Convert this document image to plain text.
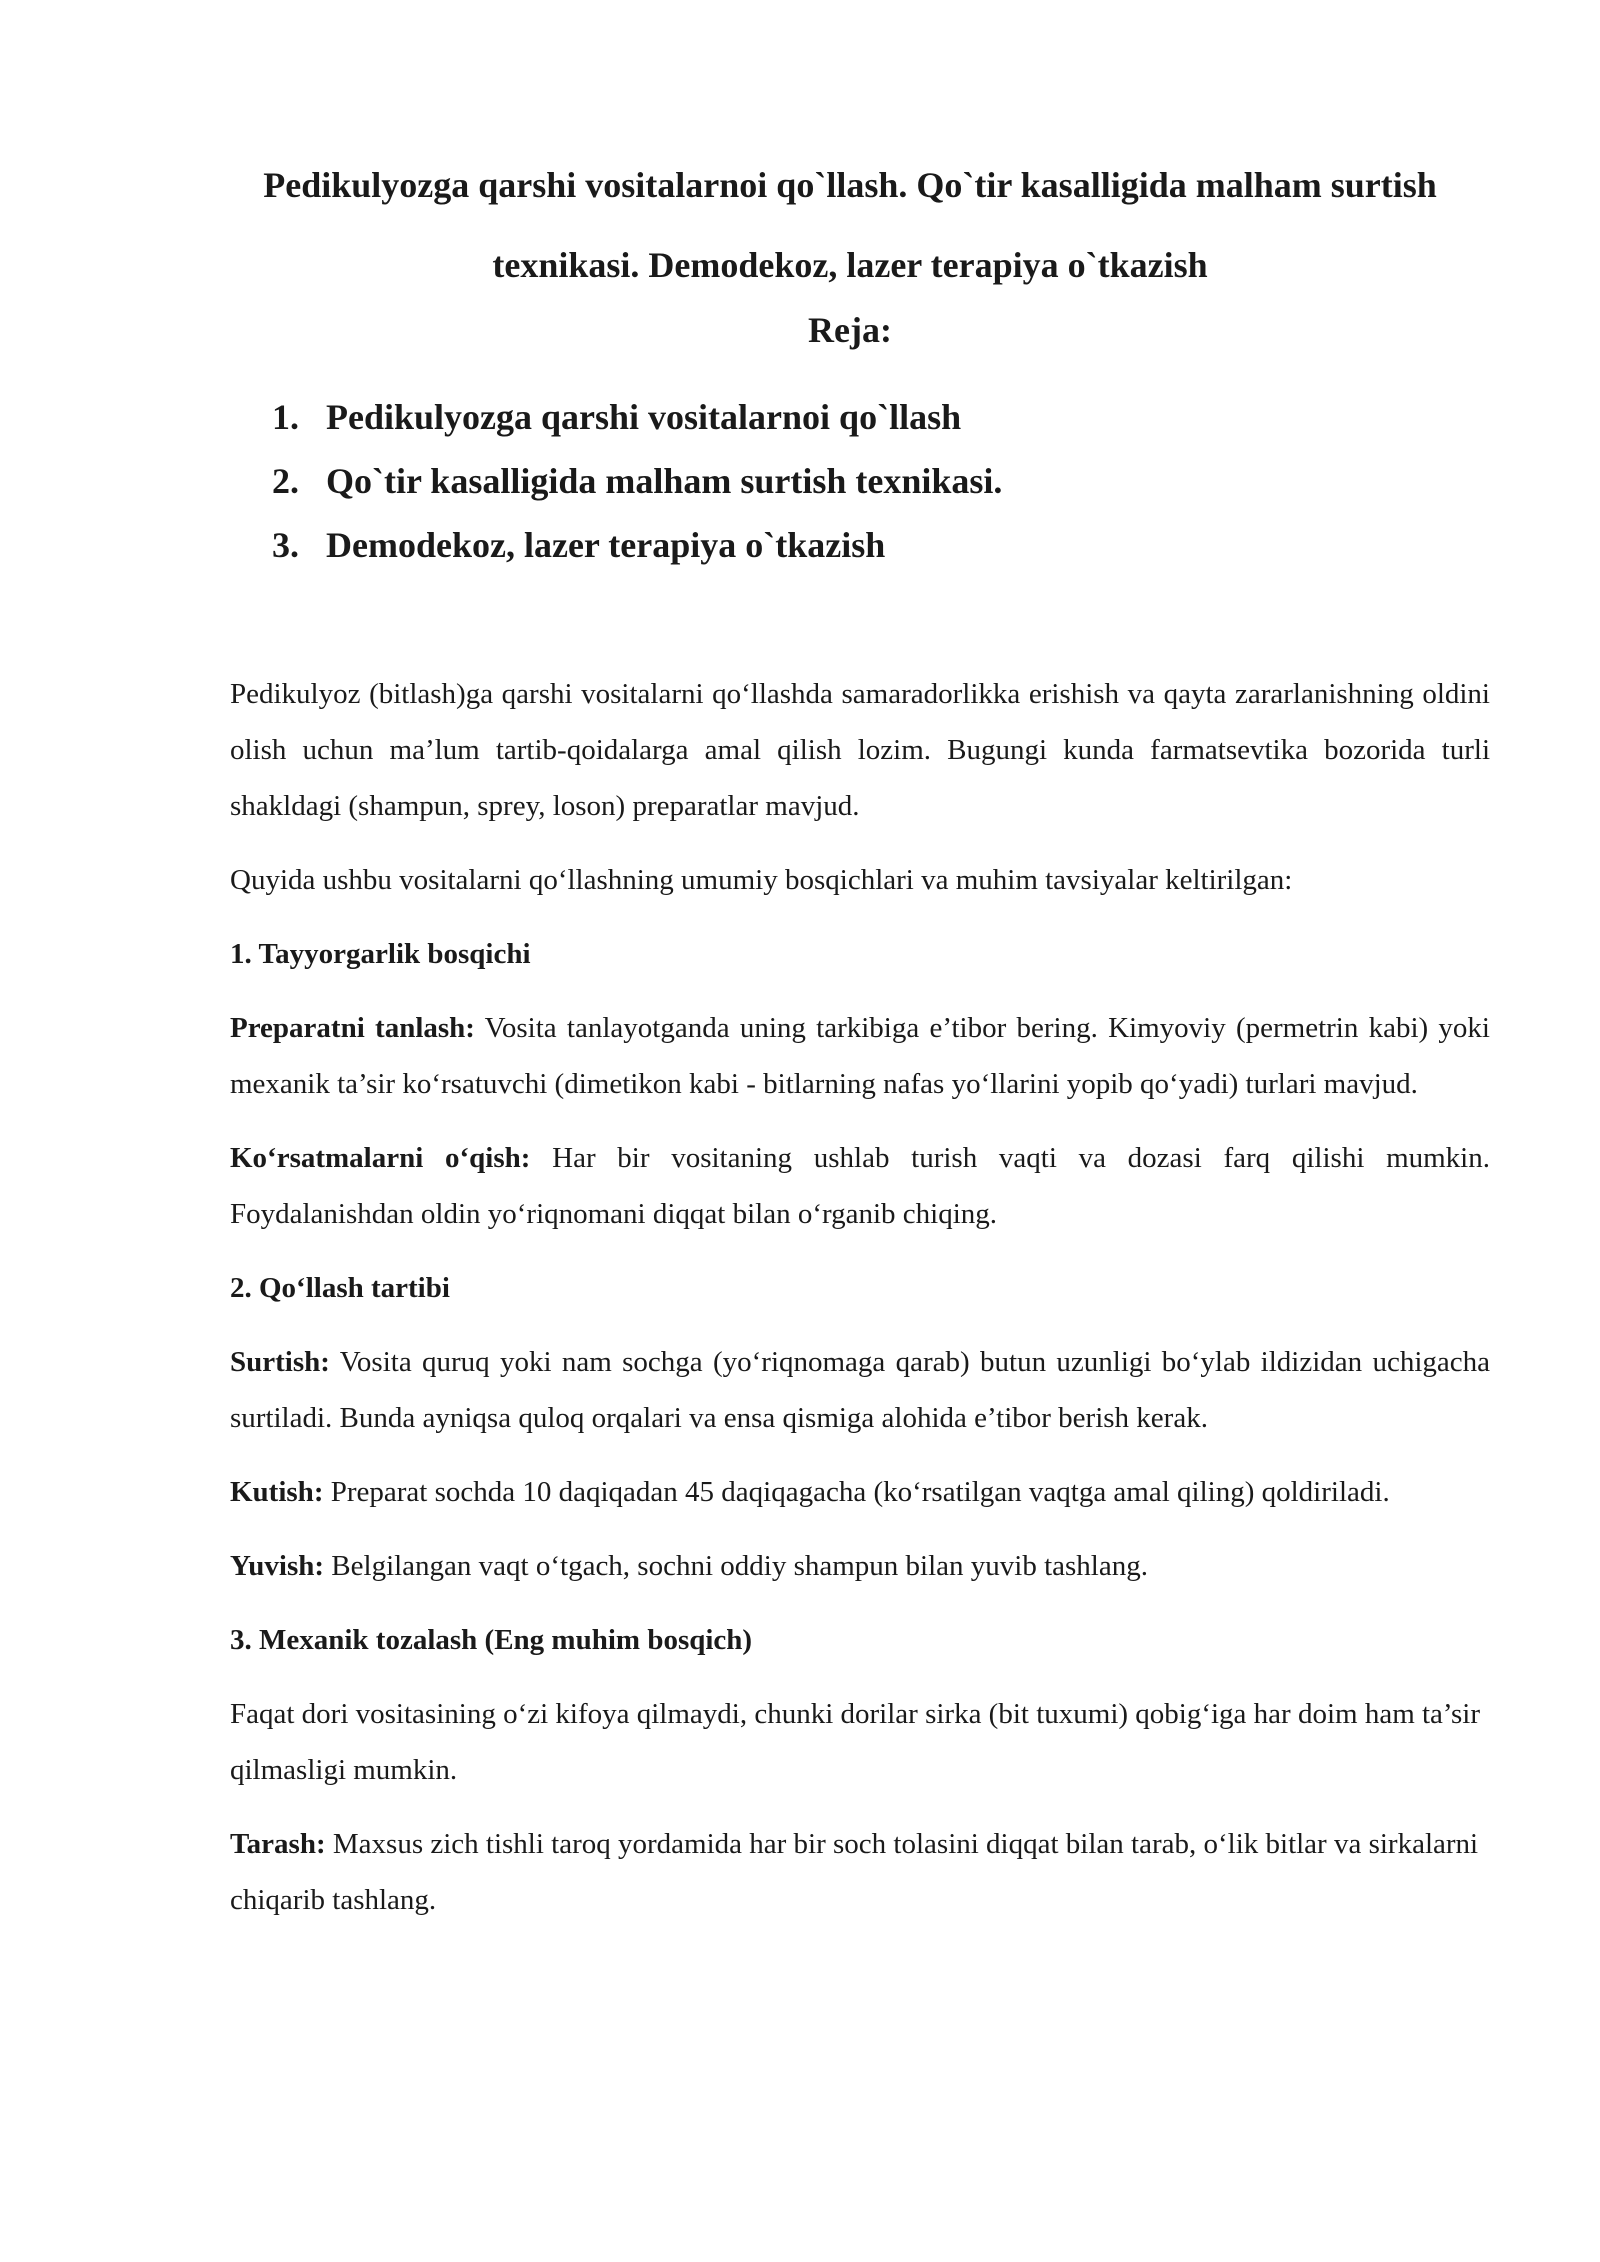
Pedikulyozga qarshi vositalarnoi qo`llash. Qo`tir kasalligida malham surtish texnikasi. Demodekoz, lazer terapiya o`tkazish
Reja:
1. Pedikulyozga qarshi vositalarnoi qo`llash
2. Qo`tir kasalligida malham surtish texnikasi.
3. Demodekoz, lazer terapiya o`tkazish

Pedikulyoz (bitlash)ga qarshi vositalarni qo‘llashda samaradorlikka erishish va qayta zararlanishning oldini olish uchun ma’lum tartib-qoidalarga amal qilish lozim. Bugungi kunda farmatsevtika bozorida turli shakldagi (shampun, sprey, loson) preparatlar mavjud.

Quyida ushbu vositalarni qo‘llashning umumiy bosqichlari va muhim tavsiyalar keltirilgan:

1. Tayyorgarlik bosqichi

Preparatni tanlash: Vosita tanlayotganda uning tarkibiga e’tibor bering. Kimyoviy (permetrin kabi) yoki mexanik ta’sir ko‘rsatuvchi (dimetikon kabi - bitlarning nafas yo‘llarini yopib qo‘yadi) turlari mavjud.

Ko‘rsatmalarni o‘qish: Har bir vositaning ushlab turish vaqti va dozasi farq qilishi mumkin. Foydalanishdan oldin yo‘riqnomani diqqat bilan o‘rganib chiqing.

2. Qo‘llash tartibi

Surtish: Vosita quruq yoki nam sochga (yo‘riqnomaga qarab) butun uzunligi bo‘ylab ildizidan uchigacha surtiladi. Bunda ayniqsa quloq orqalari va ensa qismiga alohida e’tibor berish kerak.

Kutish: Preparat sochda 10 daqiqadan 45 daqiqagacha (ko‘rsatilgan vaqtga amal qiling) qoldiriladi.

Yuvish: Belgilangan vaqt o‘tgach, sochni oddiy shampun bilan yuvib tashlang.

3. Mexanik tozalash (Eng muhim bosqich)

Faqat dori vositasining o‘zi kifoya qilmaydi, chunki dorilar sirka (bit tuxumi) qobig‘iga har doim ham ta’sir qilmasligi mumkin.

Tarash: Maxsus zich tishli taroq yordamida har bir soch tolasini diqqat bilan tarab, o‘lik bitlar va sirkalarni chiqarib tashlang.
